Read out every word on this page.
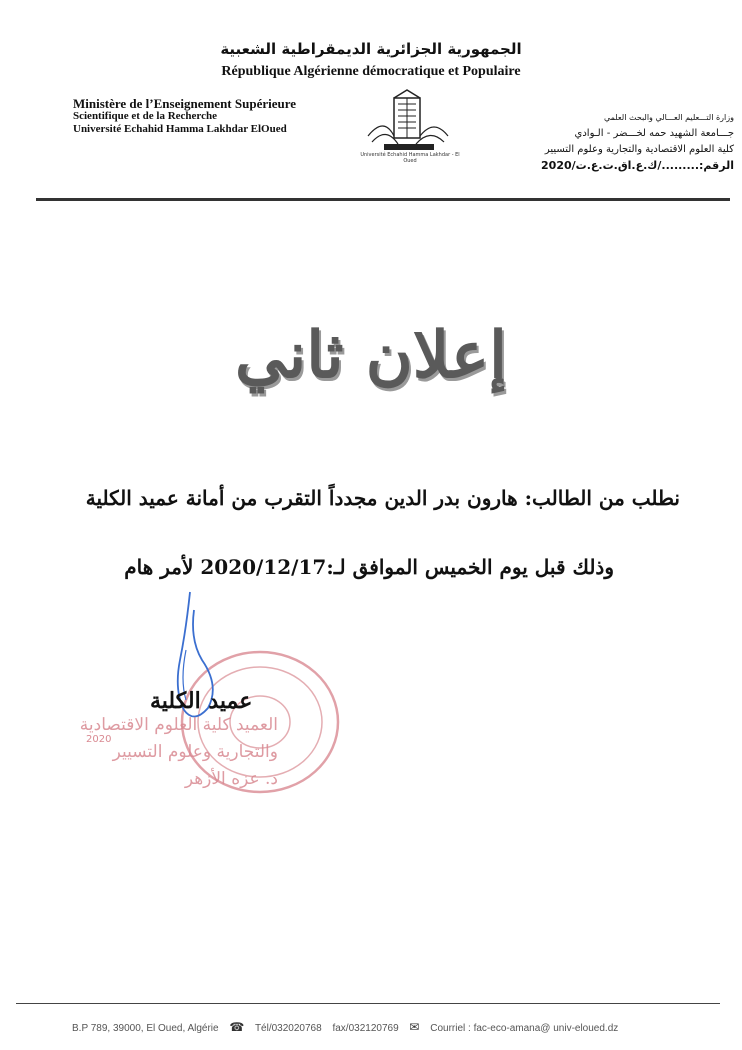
الجمهورية الجزائرية الديمقراطية الشعبية
République Algérienne démocratique et Populaire
Ministère de l’Enseignement Supérieure
Scientifique et de la Recherche
Université Echahid Hamma Lakhdar ElOued
Université Echahid Hamma Lakhdar - El Oued
وزارة التـــعليم العـــالي والبحث العلمي
جـــامعة الشهيد حمه لخـــضر - الـوادي
كلية العلوم الاقتصادية والتجارية وعلوم التسيير
الرقم:........./ك.ع.اق.ت.ع.ت/2020
إعلان ثاني
نطلب من الطالب: هارون بدر الدين مجدداً التقرب من أمانة عميد الكلية
وذلك قبل يوم الخميس الموافق لـ:2020/12/17 لأمر هام
العميد كلية العلوم الاقتصادية
والتجارية وعلوم التسيير
د. عزه الأزهر
2020
عميد الكلية
B.P 789, 39000, El Oued, Algérie ☎ Tél/032020768 fax/032120769 ✉ Courriel : fac-eco-amana@ univ-eloued.dz
